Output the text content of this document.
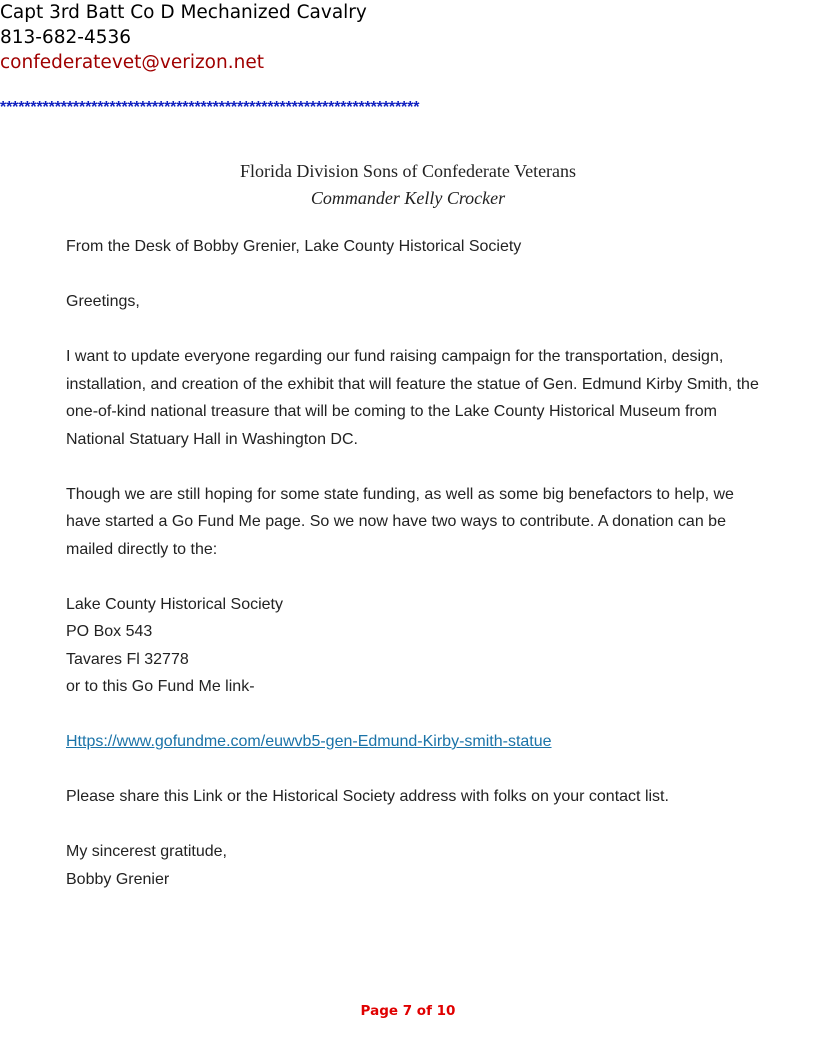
Capt 3rd Batt Co D Mechanized Cavalry
813-682-4536
confederatevet@verizon.net
*********************************************************************
Florida Division Sons of Confederate Veterans
Commander Kelly Crocker

From the Desk of Bobby Grenier, Lake County Historical Society

Greetings,

I want to update everyone regarding our fund raising campaign for the transportation, design, installation, and creation of the exhibit that will feature the statue of Gen. Edmund Kirby Smith, the one-of-kind national treasure that will be coming to the Lake County Historical Museum from National Statuary Hall in Washington DC.

Though we are still hoping for some state funding, as well as some big benefactors to help, we have started a Go Fund Me page. So we now have two ways to contribute. A donation can be mailed directly to the:

Lake County Historical Society
PO Box 543
Tavares Fl 32778
or to this Go Fund Me link-

Https://www.gofundme.com/euwvb5-gen-Edmund-Kirby-smith-statue

Please share this Link or the Historical Society address with folks on your contact list.

My sincerest gratitude,
Bobby Grenier

Page 7 of 10
